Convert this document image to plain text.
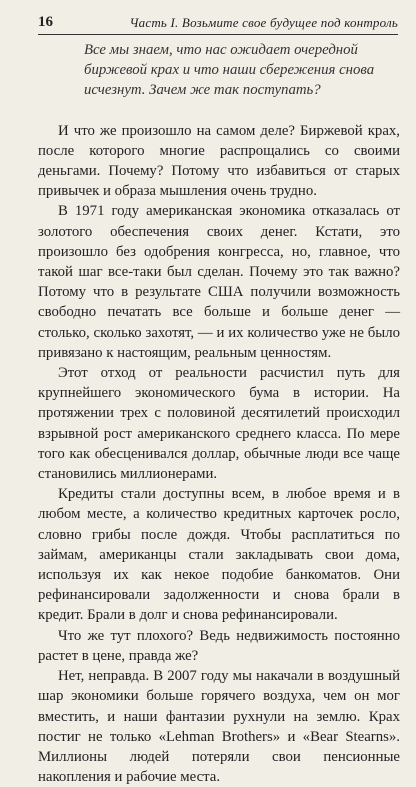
16	Часть I. Возьмите свое будущее под контроль

Все мы знаем, что нас ожидает очередной биржевой крах и что наши сбережения снова исчезнут. Зачем же так поступать?

И что же произошло на самом деле? Биржевой крах, после которого многие распрощались со своими деньгами. Почему? Потому что избавиться от старых привычек и образа мышления очень трудно.

В 1971 году американская экономика отказалась от золотого обеспечения своих денег. Кстати, это произошло без одобрения конгресса, но, главное, что такой шаг все-таки был сделан. Почему это так важно? Потому что в результате США получили возможность свободно печатать все больше и больше денег — столько, сколько захотят, — и их количество уже не было привязано к настоящим, реальным ценностям.

Этот отход от реальности расчистил путь для крупнейшего экономического бума в истории. На протяжении трех с половиной десятилетий происходил взрывной рост американского среднего класса. По мере того как обесценивался доллар, обычные люди все чаще становились миллионерами.

Кредиты стали доступны всем, в любое время и в любом месте, а количество кредитных карточек росло, словно грибы после дождя. Чтобы расплатиться по займам, американцы стали закладывать свои дома, используя их как некое подобие банкоматов. Они рефинансировали задолженности и снова брали в кредит. Брали в долг и снова рефинансировали.

Что же тут плохого? Ведь недвижимость постоянно растет в цене, правда же?

Нет, неправда. В 2007 году мы накачали в воздушный шар экономики больше горячего воздуха, чем он мог вместить, и наши фантазии рухнули на землю. Крах постиг не только «Lehman Brothers» и «Bear Stearns». Миллионы людей потеряли свои пенсионные накопления и рабочие места.
